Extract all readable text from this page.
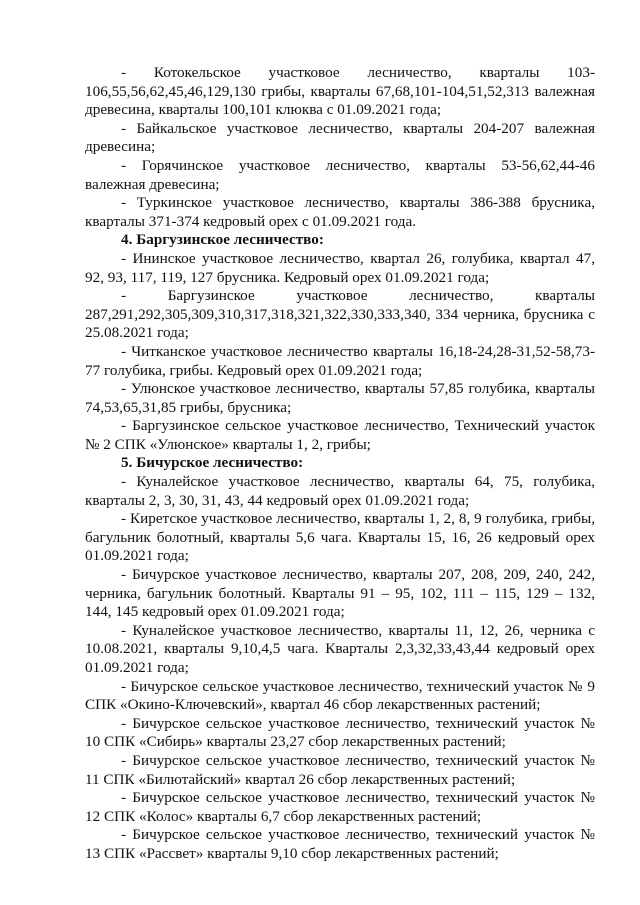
- Котокельское участковое лесничество, кварталы 103-106,55,56,62,45,46,129,130 грибы, кварталы 67,68,101-104,51,52,313 валежная древесина, кварталы 100,101 клюква с 01.09.2021 года;

- Байкальское участковое лесничество, кварталы 204-207 валежная древесина;

- Горячинское участковое лесничество, кварталы 53-56,62,44-46 валежная древесина;

- Туркинское участковое лесничество, кварталы 386-388 брусника, кварталы 371-374 кедровый орех с 01.09.2021 года.

4. Баргузинское лесничество:

- Ининское участковое лесничество, квартал 26, голубика, квартал 47, 92, 93, 117, 119, 127 брусника. Кедровый орех 01.09.2021 года;

- Баргузинское участковое лесничество, кварталы 287,291,292,305,309,310,317,318,321,322,330,333,340, 334 черника, брусника с 25.08.2021 года;

- Читканское участковое лесничество кварталы 16,18-24,28-31,52-58,73-77 голубика, грибы. Кедровый орех 01.09.2021 года;

- Улюнское участковое лесничество, кварталы 57,85 голубика, кварталы 74,53,65,31,85 грибы, брусника;

- Баргузинское сельское участковое лесничество, Технический участок № 2 СПК «Улюнское» кварталы 1, 2, грибы;

5. Бичурское лесничество:

- Куналейское участковое лесничество, кварталы 64, 75, голубика, кварталы 2, 3, 30, 31, 43, 44 кедровый орех 01.09.2021 года;

- Киретское участковое лесничество, кварталы 1, 2, 8, 9 голубика, грибы, багульник болотный, кварталы 5,6 чага. Кварталы 15, 16, 26 кедровый орех 01.09.2021 года;

- Бичурское участковое лесничество, кварталы 207, 208, 209, 240, 242, черника, багульник болотный. Кварталы 91 – 95, 102, 111 – 115, 129 – 132, 144, 145 кедровый орех 01.09.2021 года;

- Куналейское участковое лесничество, кварталы 11, 12, 26, черника с 10.08.2021, кварталы 9,10,4,5 чага. Кварталы 2,3,32,33,43,44 кедровый орех 01.09.2021 года;

- Бичурское сельское участковое лесничество, технический участок № 9 СПК «Окино-Ключевский», квартал 46 сбор лекарственных растений;

- Бичурское сельское участковое лесничество, технический участок № 10 СПК «Сибирь» кварталы 23,27 сбор лекарственных растений;

- Бичурское сельское участковое лесничество, технический участок № 11 СПК «Билютайский» квартал 26 сбор лекарственных растений;

- Бичурское сельское участковое лесничество, технический участок № 12 СПК «Колос» кварталы 6,7 сбор лекарственных растений;

- Бичурское сельское участковое лесничество, технический участок № 13 СПК «Рассвет» кварталы 9,10 сбор лекарственных растений;
